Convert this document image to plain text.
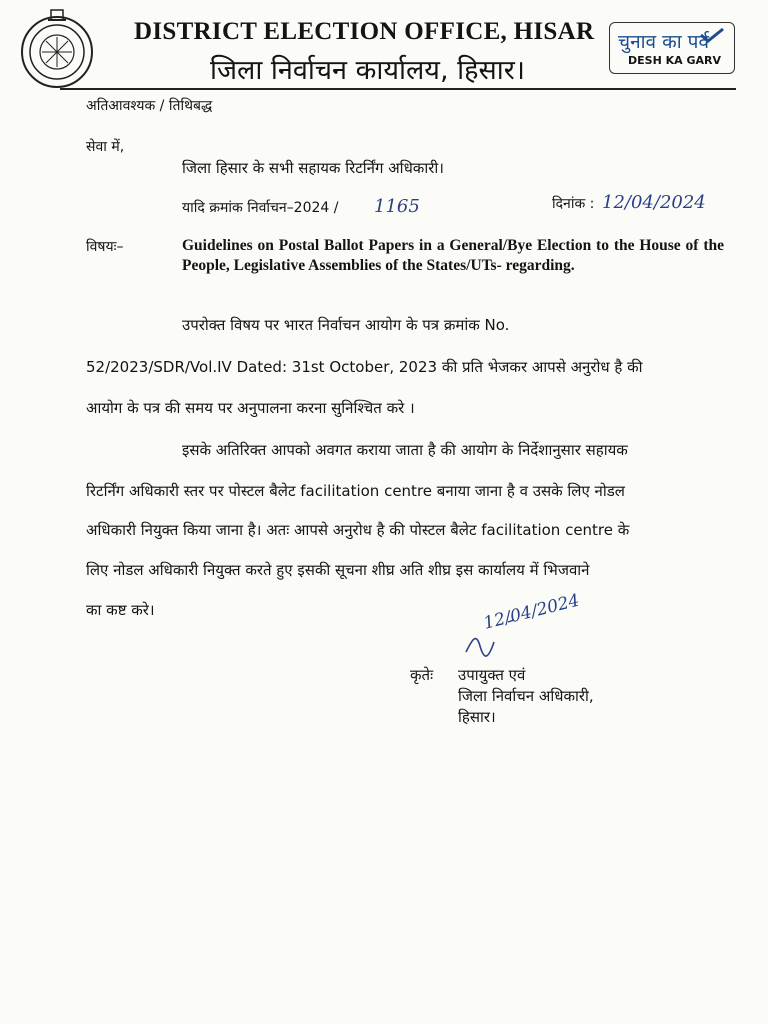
DISTRICT ELECTION OFFICE, HISAR
जिला निर्वाचन कार्यालय, हिसार।
चुनाव का पर्व
DESH KA GARV
अतिआवश्यक / तिथिबद्ध
सेवा में,
जिला हिसार के सभी सहायक रिटर्निंग अधिकारी।
यादि क्रमांक निर्वाचन–2024 / 1165	दिनांक : 12/04/2024
विषयः–	Guidelines on Postal Ballot Papers in a General/Bye Election to the House of the People, Legislative Assemblies of the States/UTs- regarding.
उपरोक्त विषय पर भारत निर्वाचन आयोग के पत्र क्रमांक No.
52/2023/SDR/Vol.IV Dated: 31st October, 2023 की प्रति भेजकर आपसे अनुरोध है की
आयोग के पत्र की समय पर अनुपालना करना सुनिश्चित करे ।
इसके अतिरिक्त आपको अवगत कराया जाता है की आयोग के निर्देशानुसार सहायक
रिटर्निंग अधिकारी स्तर पर पोस्टल बैलेट facilitation centre बनाया जाना है व उसके लिए नोडल
अधिकारी नियुक्त किया जाना है। अतः आपसे अनुरोध है की पोस्टल बैलेट facilitation centre के
लिए नोडल अधिकारी नियुक्त करते हुए इसकी सूचना शीघ्र अति शीघ्र इस कार्यालय में भिजवाने
का कष्ट करे।	12/04/2024
कृतेः उपायुक्त एवं
जिला निर्वाचन अधिकारी,
हिसार।
